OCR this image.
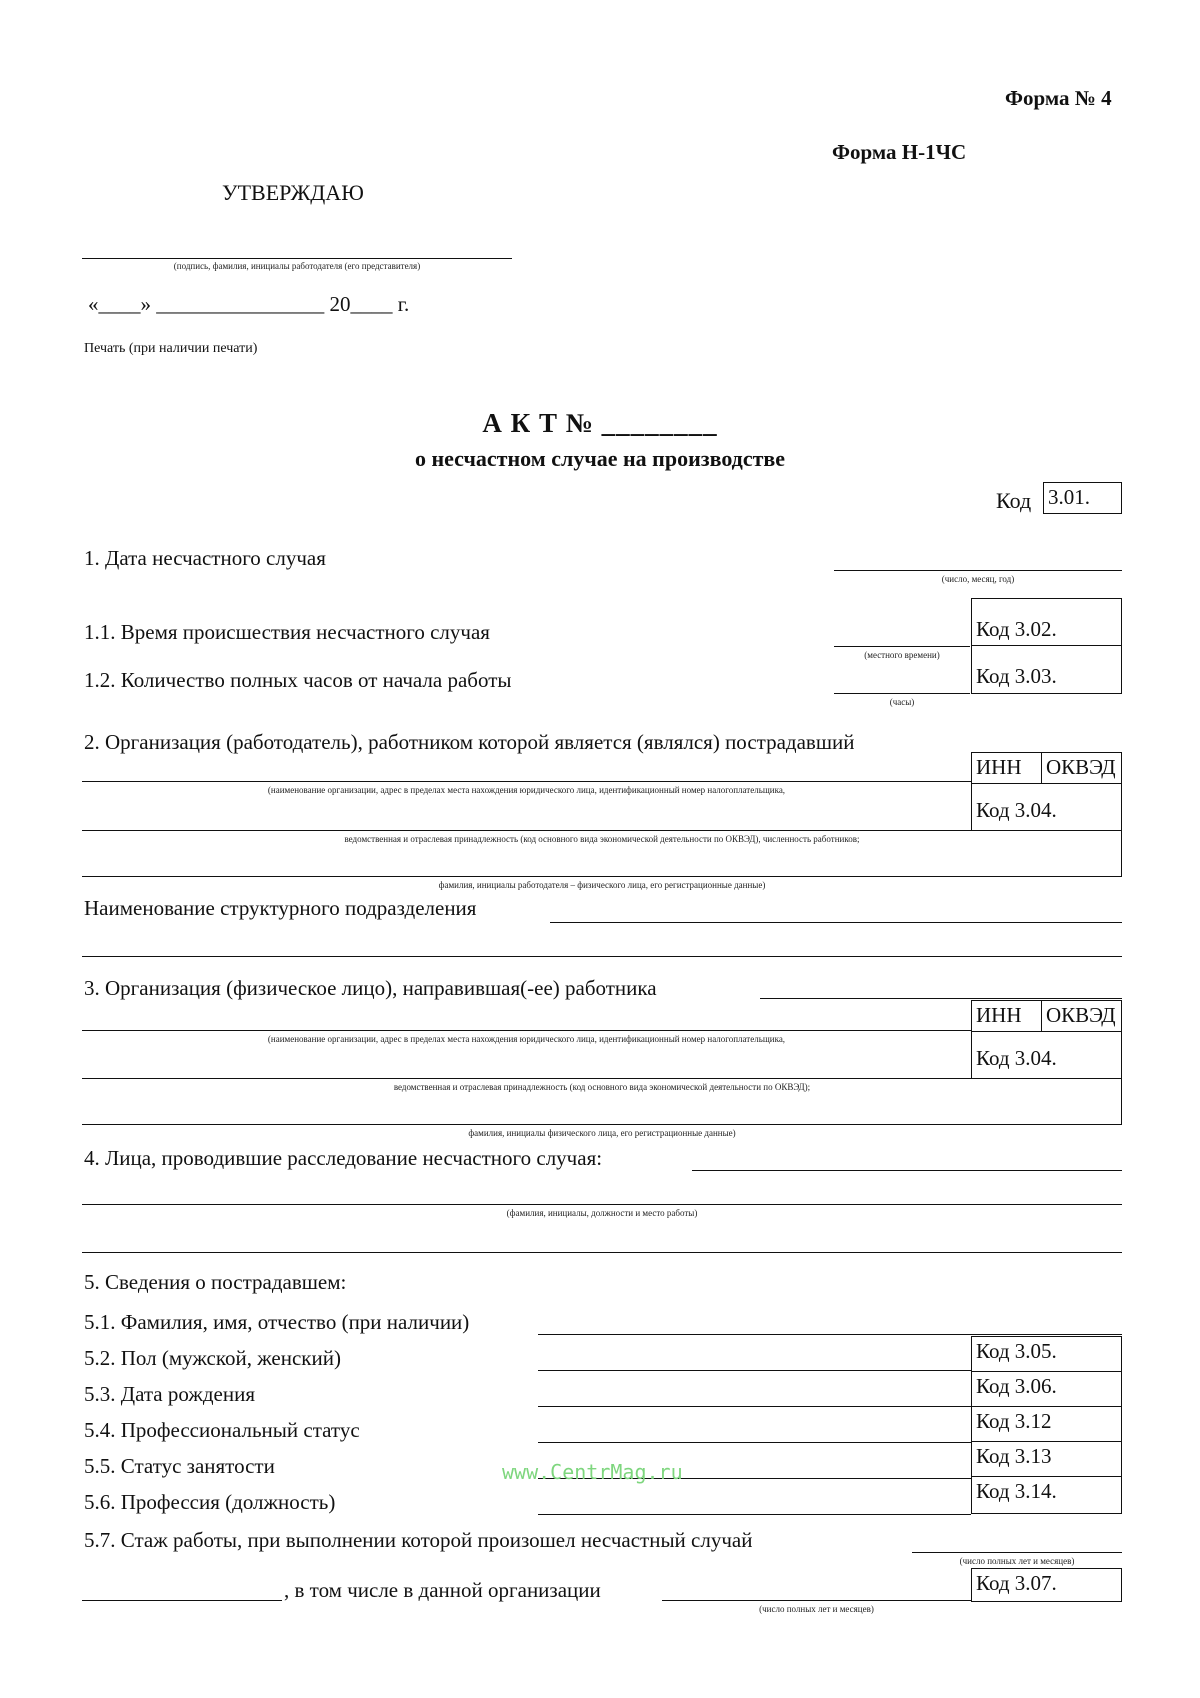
Форма № 4
Форма Н-1ЧС
УТВЕРЖДАЮ
(подпись, фамилия, инициалы работодателя (его представителя)
«____» ________________ 20____ г.
Печать (при наличии печати)
А К Т № ________
о несчастном случае на производстве
Код 3.01.
1. Дата несчастного случая
(число, месяц, год)
1.1. Время происшествия несчастного случая
(местного времени)
Код 3.02.
1.2. Количество полных часов от начала работы
(часы)
Код 3.03.
2. Организация (работодатель), работником которой является (являлся) пострадавший
ИНН	ОКВЭД
Код 3.04.
(наименование организации, адрес в пределах места нахождения юридического лица, идентификационный номер налогоплательщика,
ведомственная и отраслевая принадлежность (код основного вида экономической деятельности по ОКВЭД), численность работников;
фамилия, инициалы работодателя – физического лица, его регистрационные данные)
Наименование структурного подразделения
3. Организация (физическое лицо), направившая(-ее) работника
ИНН	ОКВЭД
Код 3.04.
(наименование организации, адрес в пределах места нахождения юридического лица, идентификационный номер налогоплательщика,
ведомственная и отраслевая принадлежность (код основного вида экономической деятельности по ОКВЭД);
фамилия, инициалы физического лица, его регистрационные данные)
4. Лица, проводившие расследование несчастного случая:
(фамилия, инициалы, должности и место работы)
5. Сведения о пострадавшем:
5.1. Фамилия, имя, отчество (при наличии)
5.2. Пол (мужской, женский)	Код 3.05.
5.3. Дата рождения	Код 3.06.
5.4. Профессиональный статус	Код 3.12
5.5. Статус занятости	Код 3.13
5.6. Профессия (должность)	Код 3.14.
www.CentrMag.ru
5.7. Стаж работы, при выполнении которой произошел несчастный случай
(число полных лет и месяцев)
, в том числе в данной организации
(число полных лет и месяцев)
Код 3.07.
